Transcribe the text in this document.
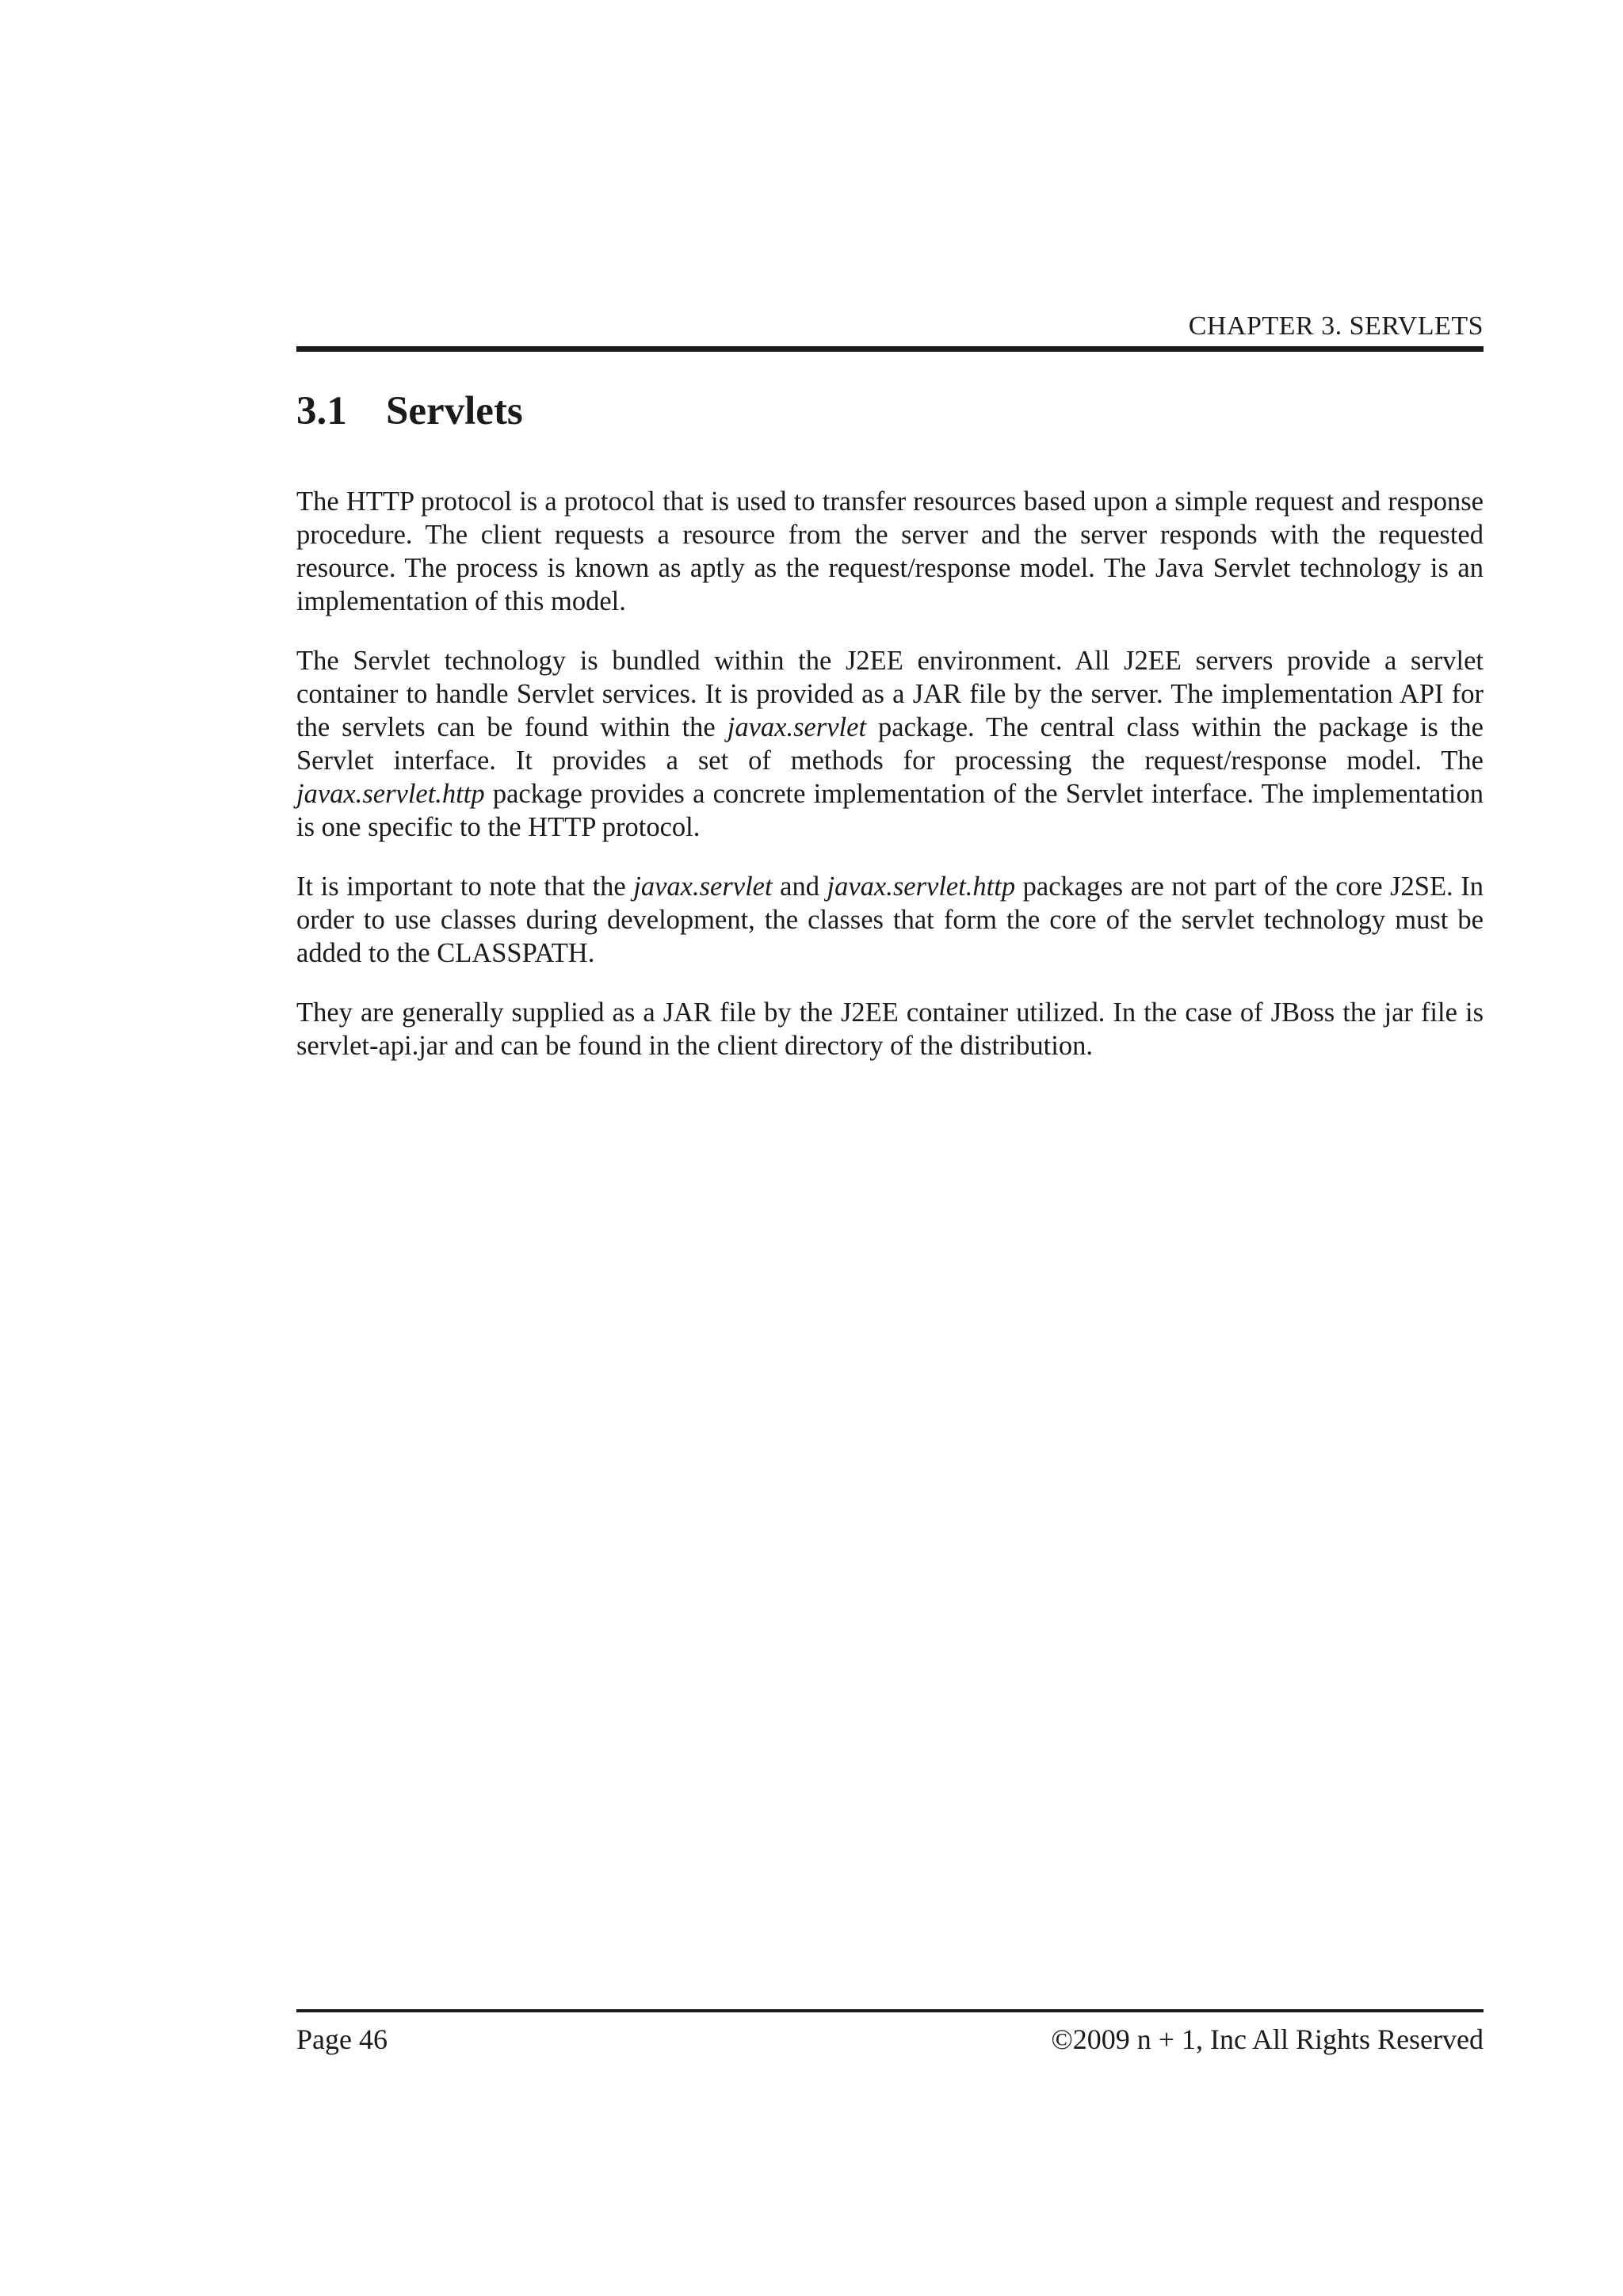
CHAPTER 3. SERVLETS
3.1 Servlets

The HTTP protocol is a protocol that is used to transfer resources based upon a simple request and response procedure. The client requests a resource from the server and the server responds with the requested resource. The process is known as aptly as the request/response model. The Java Servlet technology is an implementation of this model.

The Servlet technology is bundled within the J2EE environment. All J2EE servers provide a servlet container to handle Servlet services. It is provided as a JAR file by the server. The implementation API for the servlets can be found within the javax.servlet package. The central class within the package is the Servlet interface. It provides a set of methods for processing the request/response model. The javax.servlet.http package provides a concrete implementation of the Servlet interface. The implementation is one specific to the HTTP protocol.

It is important to note that the javax.servlet and javax.servlet.http packages are not part of the core J2SE. In order to use classes during development, the classes that form the core of the servlet technology must be added to the CLASSPATH.

They are generally supplied as a JAR file by the J2EE container utilized. In the case of JBoss the jar file is servlet-api.jar and can be found in the client directory of the distribution.

Page 46	©2009 n + 1, Inc All Rights Reserved
